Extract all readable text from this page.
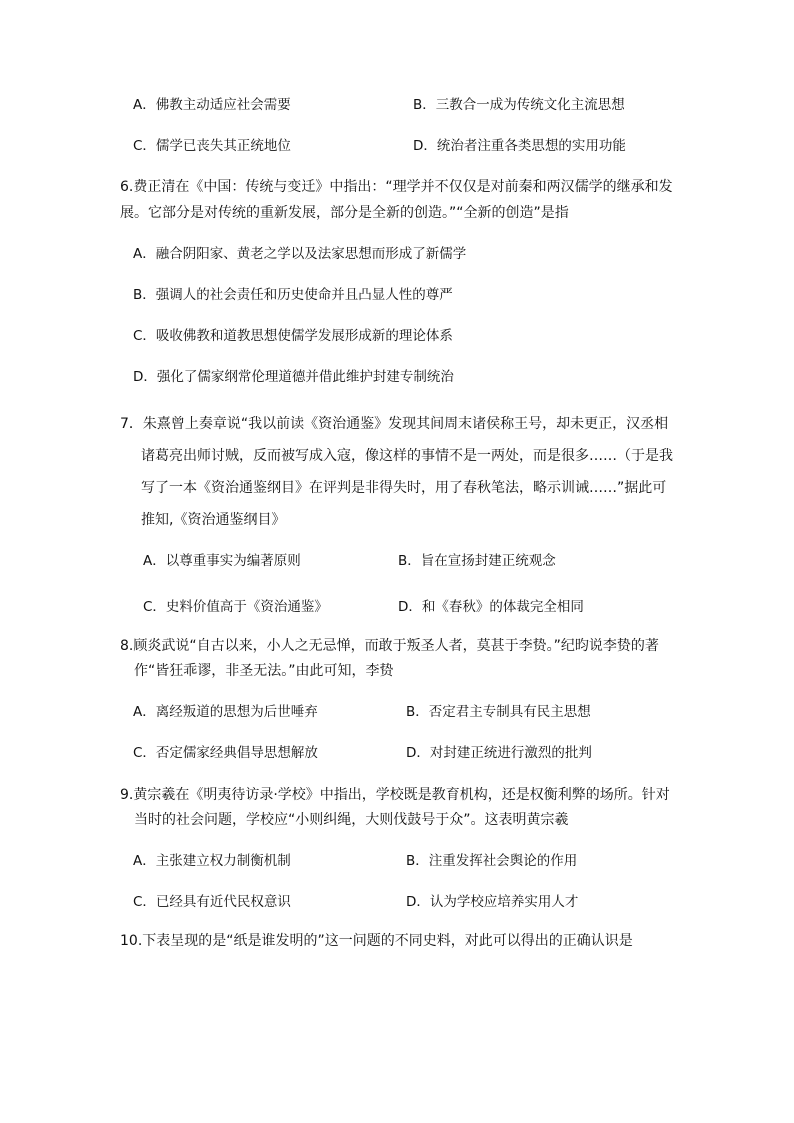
A．佛教主动适应社会需要	B．三教合一成为传统文化主流思想
C．儒学已丧失其正统地位	D．统治者注重各类思想的实用功能
6.费正清在《中国：传统与变迁》中指出：“理学并不仅仅是对前秦和两汉儒学的继承和发
展。它部分是对传统的重新发展，部分是全新的创造。”“全新的创造”是指
A．融合阴阳家、黄老之学以及法家思想而形成了新儒学
B．强调人的社会责任和历史使命并且凸显人性的尊严
C．吸收佛教和道教思想使儒学发展形成新的理论体系
D．强化了儒家纲常伦理道德并借此维护封建专制统治
7．朱熹曾上奏章说“我以前读《资治通鉴》发现其间周末诸侯称王号，却未更正，汉丞相
诸葛亮出师讨贼，反而被写成入寇，像这样的事情不是一两处，而是很多……（于是我
写了一本《资治通鉴纲目》在评判是非得失时，用了春秋笔法，略示训诫……”据此可
推知,《资治通鉴纲目》
A．以尊重事实为编著原则	B．旨在宣扬封建正统观念
C．史料价值高于《资治通鉴》	D．和《春秋》的体裁完全相同
8.顾炎武说“自古以来，小人之无忌惮，而敢于叛圣人者，莫甚于李贽。”纪昀说李贽的著
作“皆狂乖谬，非圣无法。”由此可知，李贽
A．离经叛道的思想为后世唾弃	B．否定君主专制具有民主思想
C．否定儒家经典倡导思想解放	D．对封建正统进行激烈的批判
9.黄宗羲在《明夷待访录·学校》中指出，学校既是教育机构，还是权衡利弊的场所。针对
当时的社会问题，学校应“小则纠绳，大则伐鼓号于众”。这表明黄宗羲
A．主张建立权力制衡机制	B．注重发挥社会舆论的作用
C．已经具有近代民权意识	D．认为学校应培养实用人才
10.下表呈现的是“纸是谁发明的”这一问题的不同史料，对此可以得出的正确认识是
